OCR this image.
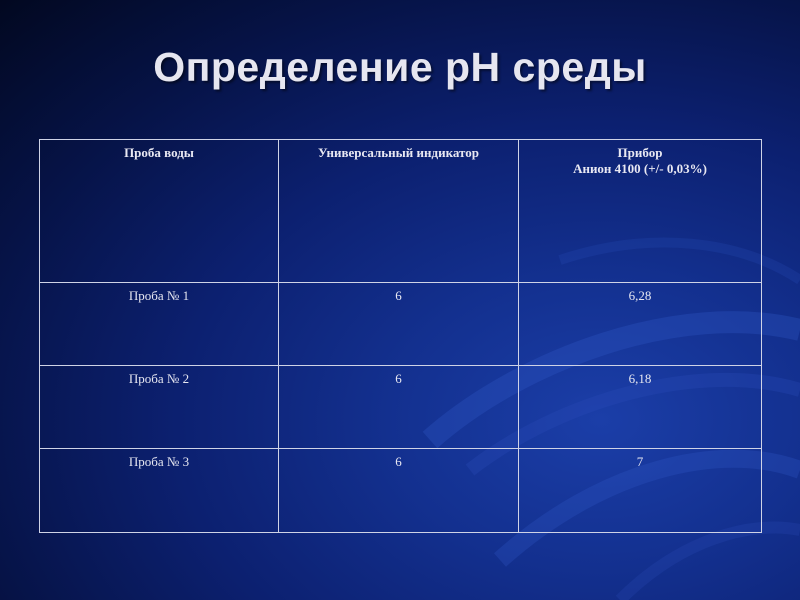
Определение рН среды
Проба воды	Универсальный индикатор	Прибор
Анион 4100 (+/- 0,03%)

Проба № 1	6	6,28
Проба № 2	6	6,18
Проба № 3	6	7
